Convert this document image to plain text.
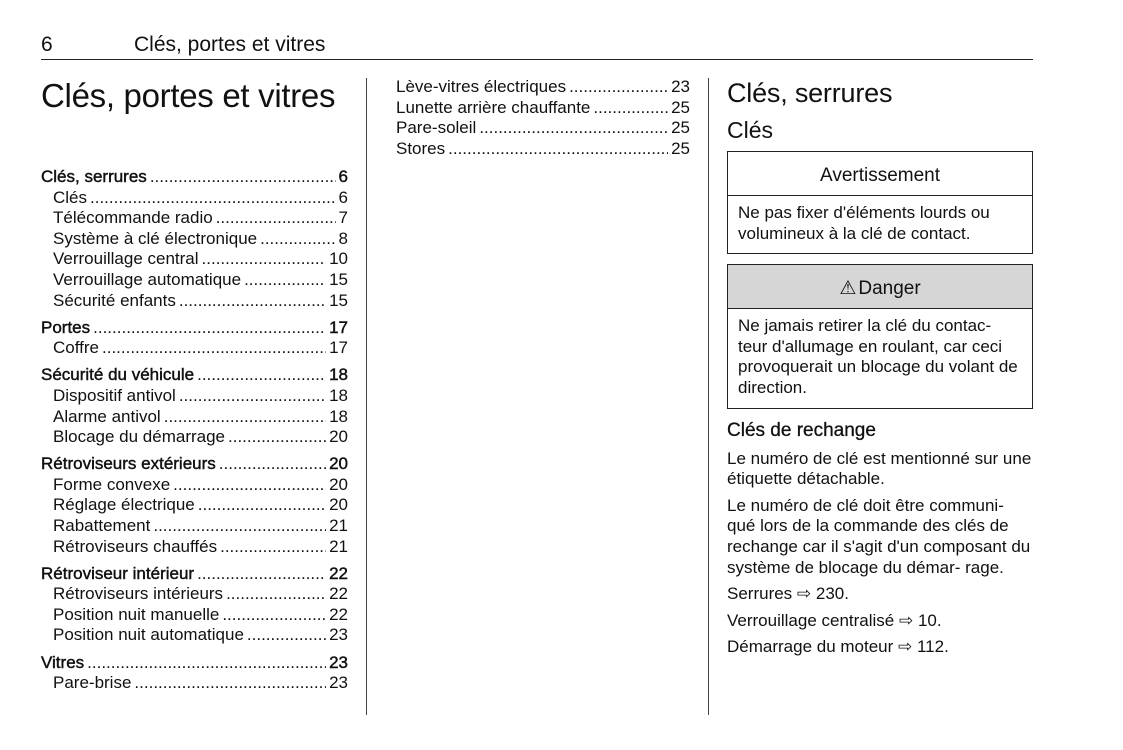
6	Clés, portes et vitres
Clés, portes et vitres
Clés, serrures .....	6
Clés .....	6
Télécommande radio .....	7
Système à clé électronique .....	8
Verrouillage central .....	10
Verrouillage automatique .....	15
Sécurité enfants .....	15
Portes .....	17
Coffre .....	17
Sécurité du véhicule .....	18
Dispositif antivol .....	18
Alarme antivol .....	18
Blocage du démarrage .....	20
Rétroviseurs extérieurs .....	20
Forme convexe .....	20
Réglage électrique .....	20
Rabattement .....	21
Rétroviseurs chauffés .....	21
Rétroviseur intérieur .....	22
Rétroviseurs intérieurs .....	22
Position nuit manuelle .....	22
Position nuit automatique .....	23
Vitres .....	23
Pare-brise .....	23
Lève-vitres électriques .....	23
Lunette arrière chauffante .....	25
Pare-soleil .....	25
Stores .....	25
Clés, serrures
Clés
Avertissement
Ne pas fixer d'éléments lourds ou volumineux à la clé de contact.
⚠ Danger
Ne jamais retirer la clé du contac- teur d'allumage en roulant, car ceci provoquerait un blocage du volant de direction.
Clés de rechange

Le numéro de clé est mentionné sur une étiquette détachable.

Le numéro de clé doit être communi- qué lors de la commande des clés de rechange car il s'agit d'un composant du système de blocage du démar- rage.

Serrures ⇨ 230.

Verrouillage centralisé ⇨ 10.

Démarrage du moteur ⇨ 112.
